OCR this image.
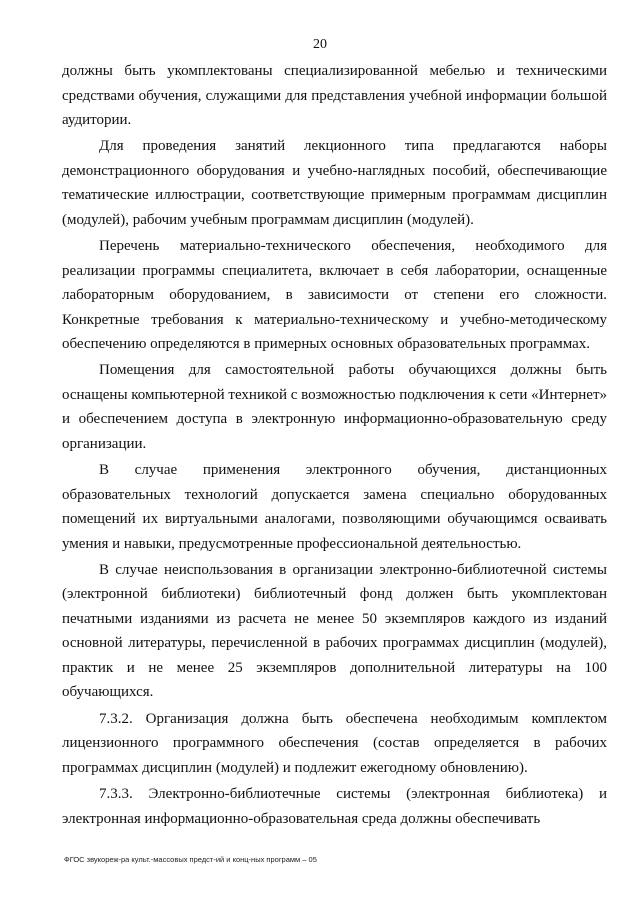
20

должны быть укомплектованы специализированной мебелью и техническими средствами обучения, служащими для представления учебной информации большой аудитории.

Для проведения занятий лекционного типа предлагаются наборы демонстрационного оборудования и учебно-наглядных пособий, обеспечивающие тематические иллюстрации, соответствующие примерным программам дисциплин (модулей), рабочим учебным программам дисциплин (модулей).

Перечень материально-технического обеспечения, необходимого для реализации программы специалитета, включает в себя лаборатории, оснащенные лабораторным оборудованием, в зависимости от степени его сложности. Конкретные требования к материально-техническому и учебно-методическому обеспечению определяются в примерных основных образовательных программах.

Помещения для самостоятельной работы обучающихся должны быть оснащены компьютерной техникой с возможностью подключения к сети «Интернет» и обеспечением доступа в электронную информационно-образовательную среду организации.

В случае применения электронного обучения, дистанционных образовательных технологий допускается замена специально оборудованных помещений их виртуальными аналогами, позволяющими обучающимся осваивать умения и навыки, предусмотренные профессиональной деятельностью.

В случае неиспользования в организации электронно-библиотечной системы (электронной библиотеки) библиотечный фонд должен быть укомплектован печатными изданиями из расчета не менее 50 экземпляров каждого из изданий основной литературы, перечисленной в рабочих программах дисциплин (модулей), практик и не менее 25 экземпляров дополнительной литературы на 100 обучающихся.

7.3.2. Организация должна быть обеспечена необходимым комплектом лицензионного программного обеспечения (состав определяется в рабочих программах дисциплин (модулей) и подлежит ежегодному обновлению).

7.3.3. Электронно-библиотечные системы (электронная библиотека) и электронная информационно-образовательная среда должны обеспечивать

ФГОС звукореж-ра культ.-массовых предст-ий и конц-ных программ – 05
